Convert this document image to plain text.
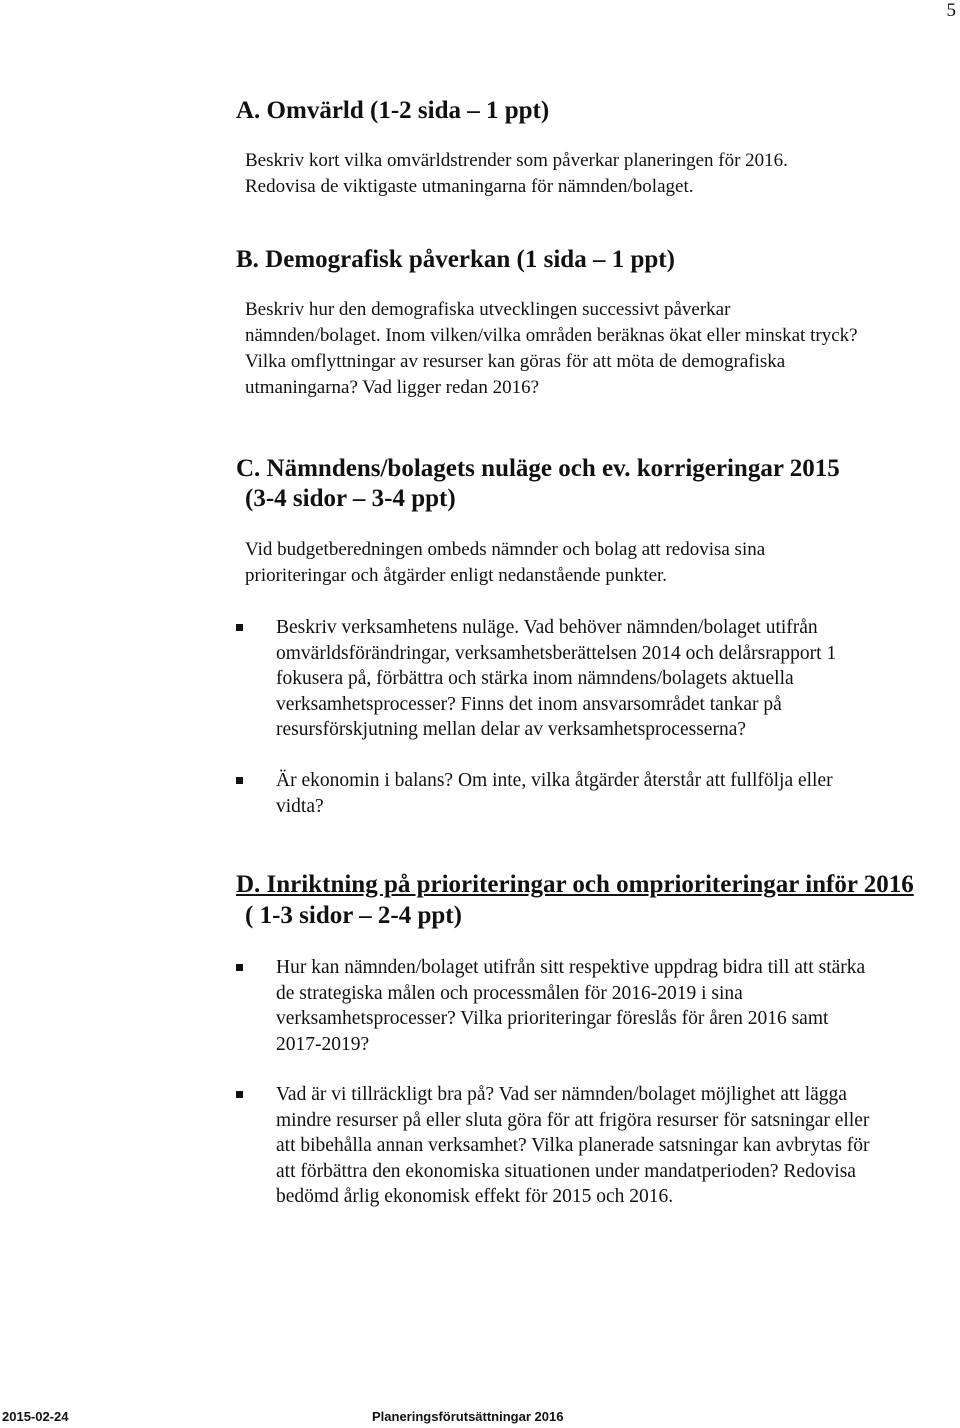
5
A. Omvärld (1-2 sida – 1 ppt)
Beskriv kort vilka omvärldstrender som påverkar planeringen för 2016.
Redovisa de viktigaste utmaningarna för nämnden/bolaget.
B. Demografisk påverkan (1 sida – 1 ppt)
Beskriv hur den demografiska utvecklingen successivt påverkar
nämnden/bolaget. Inom vilken/vilka områden beräknas ökat eller minskat tryck?
Vilka omflyttningar av resurser kan göras för att möta de demografiska
utmaningarna? Vad ligger redan 2016?
C. Nämndens/bolagets nuläge och ev. korrigeringar 2015
(3-4 sidor – 3-4 ppt)
Vid budgetberedningen ombeds nämnder och bolag att redovisa sina
prioriteringar och åtgärder enligt nedanstående punkter.
Beskriv verksamhetens nuläge. Vad behöver nämnden/bolaget utifrån
omvärldsförändringar, verksamhetsberättelsen 2014 och delårsrapport 1
fokusera på, förbättra och stärka inom nämndens/bolagets aktuella
verksamhetsprocesser? Finns det inom ansvarsområdet tankar på
resursförskjutning mellan delar av verksamhetsprocesserna?
Är ekonomin i balans? Om inte, vilka åtgärder återstår att fullfölja eller
vidta?
D. Inriktning på prioriteringar och omprioriteringar inför 2016
( 1-3 sidor – 2-4 ppt)
Hur kan nämnden/bolaget utifrån sitt respektive uppdrag bidra till att stärka
de strategiska målen och processmålen för 2016-2019 i sina
verksamhetsprocesser? Vilka prioriteringar föreslås för åren 2016 samt
2017-2019?
Vad är vi tillräckligt bra på? Vad ser nämnden/bolaget möjlighet att lägga
mindre resurser på eller sluta göra för att frigöra resurser för satsningar eller
att bibehålla annan verksamhet? Vilka planerade satsningar kan avbrytas för
att förbättra den ekonomiska situationen under mandatperioden? Redovisa
bedömd årlig ekonomisk effekt för 2015 och 2016.
2015-02-24	Planeringsförutsättningar 2016
